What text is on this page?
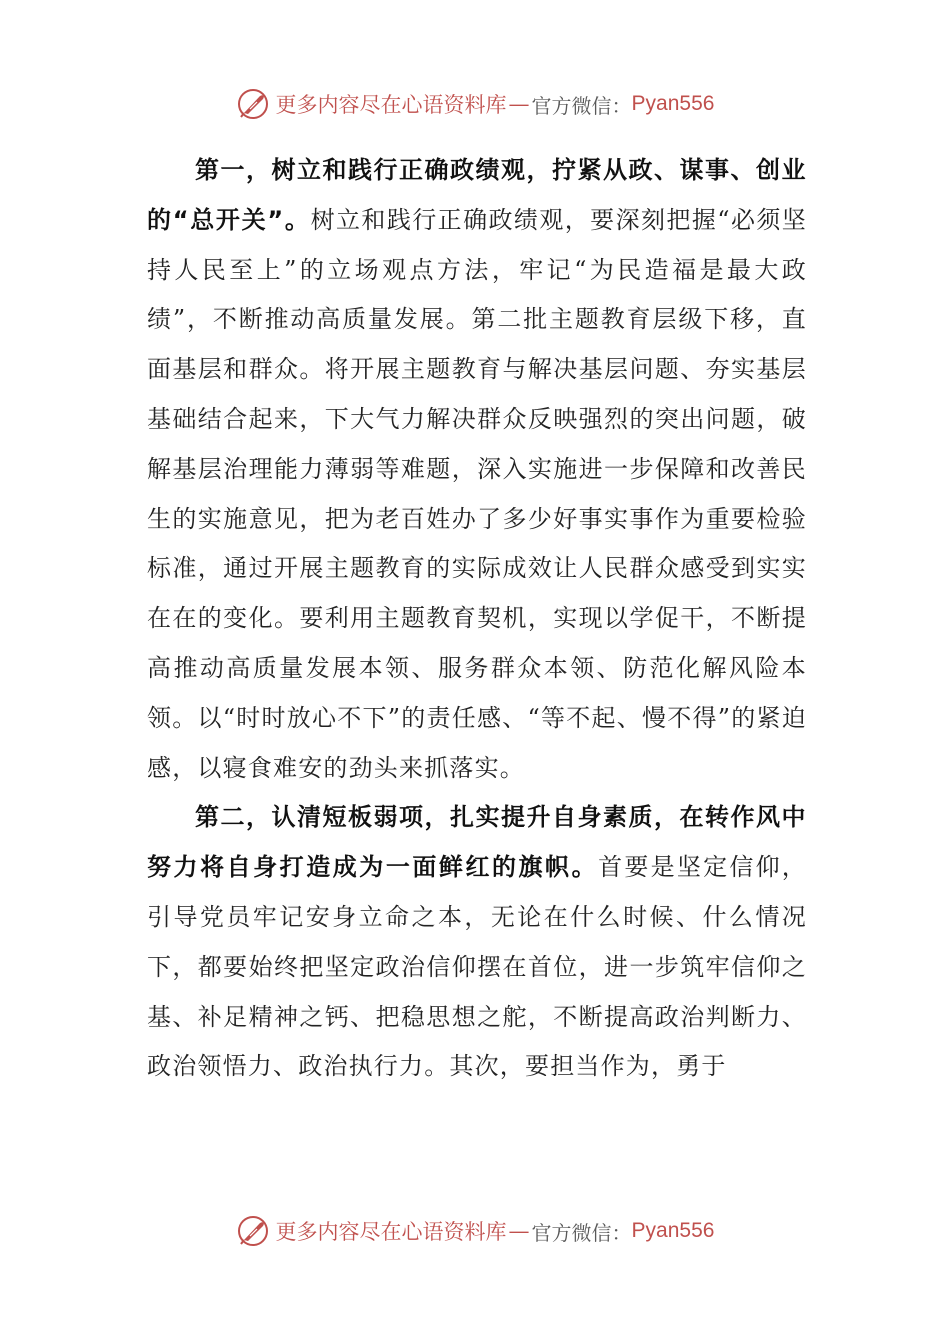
更多内容尽在心语资料库 — 官方微信： Pyan556

第一，树立和践行正确政绩观，拧紧从政、谋事、创业的“总开关”。树立和践行正确政绩观，要深刻把握“必须坚持人民至上”的立场观点方法，牢记“为民造福是最大政绩”，不断推动高质量发展。第二批主题教育层级下移，直面基层和群众。将开展主题教育与解决基层问题、夯实基层基础结合起来，下大气力解决群众反映强烈的突出问题，破解基层治理能力薄弱等难题，深入实施进一步保障和改善民生的实施意见，把为老百姓办了多少好事实事作为重要检验标准，通过开展主题教育的实际成效让人民群众感受到实实在在的变化。要利用主题教育契机，实现以学促干，不断提高推动高质量发展本领、服务群众本领、防范化解风险本领。以“时时放心不下”的责任感、“等不起、慢不得”的紧迫感，以寝食难安的劲头来抓落实。

第二，认清短板弱项，扎实提升自身素质，在转作风中努力将自身打造成为一面鲜红的旗帜。首要是坚定信仰，引导党员牢记安身立命之本，无论在什么时候、什么情况下，都要始终把坚定政治信仰摆在首位，进一步筑牢信仰之基、补足精神之钙、把稳思想之舵，不断提高政治判断力、政治领悟力、政治执行力。其次，要担当作为，勇于

更多内容尽在心语资料库 — 官方微信： Pyan556
